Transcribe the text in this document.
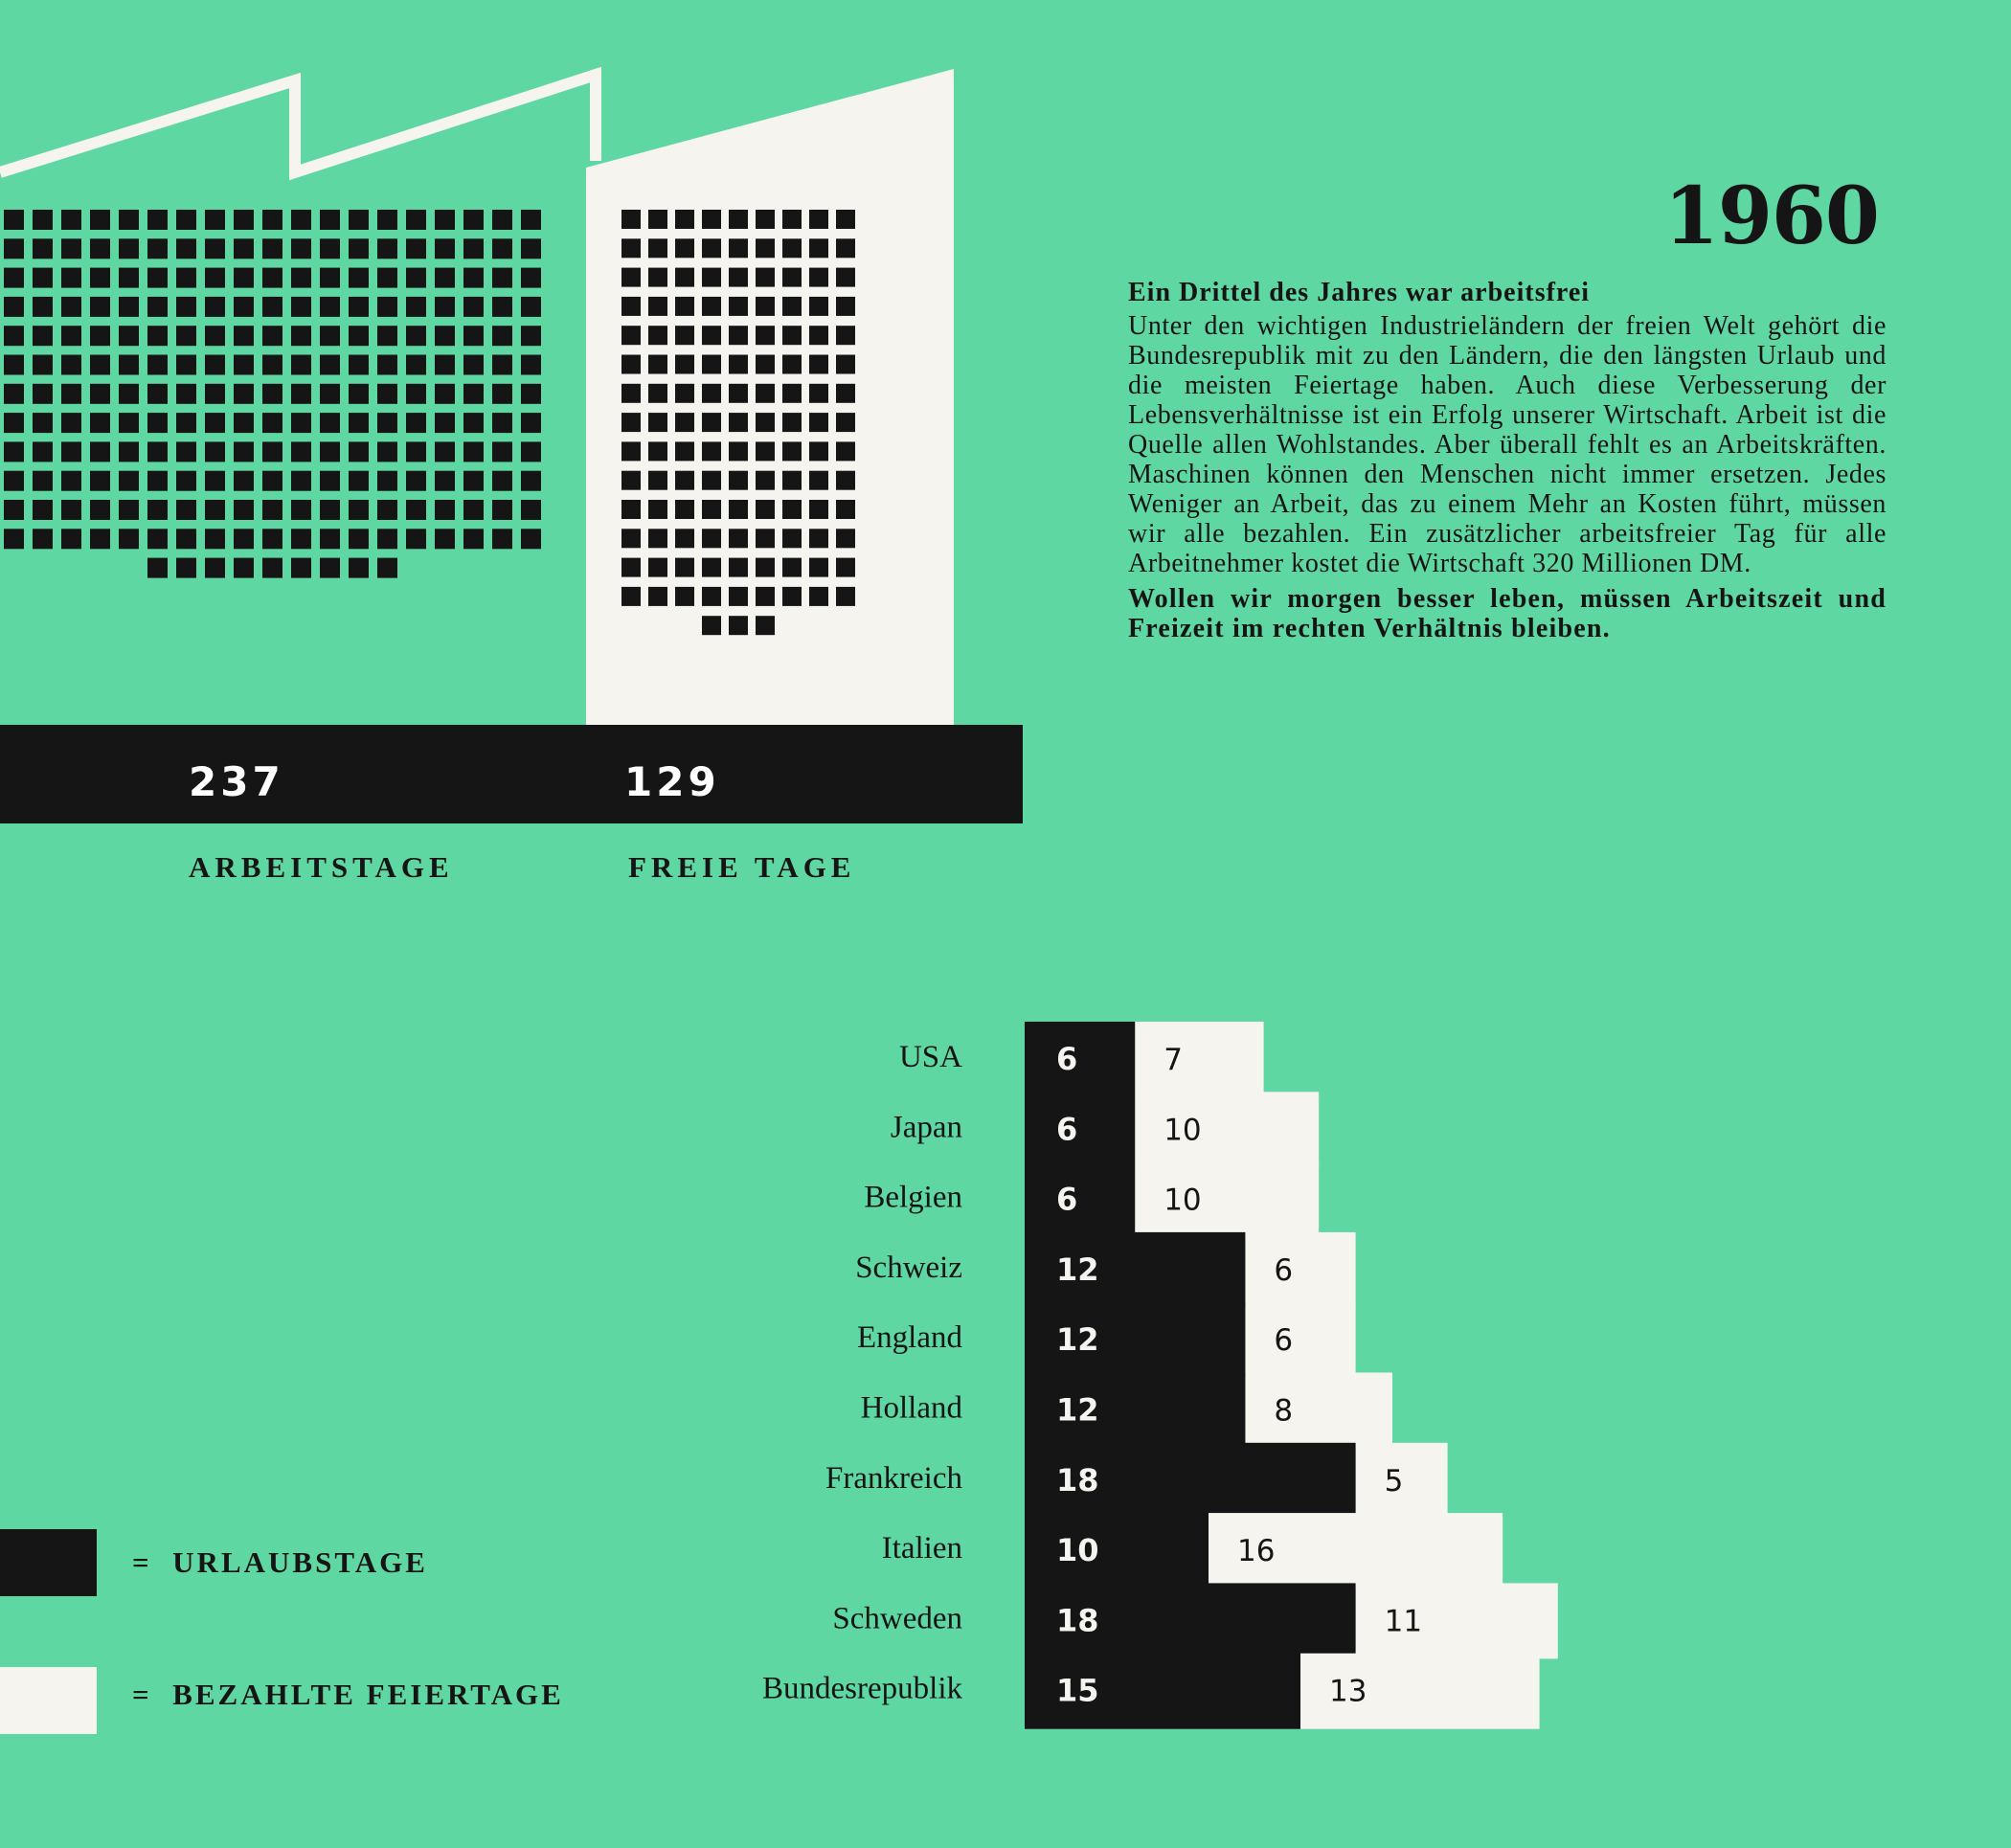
USA	6	7
Japan	6	10
Belgien	6	10
Schweiz	12	6
England	12	6
Holland	12	8
Frankreich	18	5
Italien	10	16
Schweden	18	11
Bundesrepublik	15	13
1960
Ein Drittel des Jahres war arbeitsfrei

Unter den wichtigen Industrieländern der freien Welt gehört die Bundesrepublik mit zu den Ländern, die den längsten Urlaub und die meisten Feiertage haben. Auch diese Verbesserung der Lebensverhältnisse ist ein Erfolg unserer Wirtschaft. Arbeit ist die Quelle allen Wohlstandes. Aber überall fehlt es an Arbeitskräften. Maschinen können den Menschen nicht immer ersetzen. Jedes Weniger an Arbeit, das zu einem Mehr an Kosten führt, müssen wir alle bezahlen. Ein zusätzlicher arbeitsfreier Tag für alle Arbeitnehmer kostet die Wirtschaft 320 Millionen DM.

Wollen wir morgen besser leben, müssen Arbeitszeit und Freizeit im rechten Verhältnis bleiben.

237	129
ARBEITSTAGE	FREIE TAGE
= URLAUBSTAGE
= BEZAHLTE FEIERTAGE
